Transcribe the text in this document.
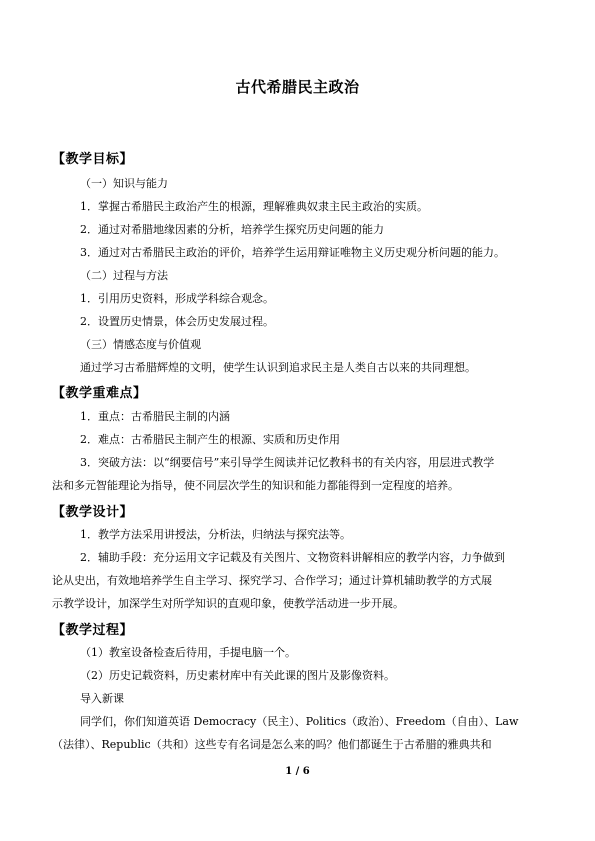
古代希腊民主政治
【教学目标】
（一）知识与能力
1．掌握古希腊民主政治产生的根源，理解雅典奴隶主民主政治的实质。
2．通过对希腊地缘因素的分析，培养学生探究历史问题的能力
3．通过对古希腊民主政治的评价，培养学生运用辩证唯物主义历史观分析问题的能力。
（二）过程与方法
1．引用历史资料，形成学科综合观念。
2．设置历史情景，体会历史发展过程。
（三）情感态度与价值观
通过学习古希腊辉煌的文明，使学生认识到追求民主是人类自古以来的共同理想。
【教学重难点】
1．重点：古希腊民主制的内涵
2．难点：古希腊民主制产生的根源、实质和历史作用
3．突破方法：以“纲要信号”来引导学生阅读并记忆教科书的有关内容，用层进式教学
法和多元智能理论为指导，使不同层次学生的知识和能力都能得到一定程度的培养。
【教学设计】
1．教学方法采用讲授法，分析法，归纳法与探究法等。
2．辅助手段：充分运用文字记载及有关图片、文物资料讲解相应的教学内容，力争做到
论从史出，有效地培养学生自主学习、探究学习、合作学习；通过计算机辅助教学的方式展
示教学设计，加深学生对所学知识的直观印象，使教学活动进一步开展。
【教学过程】
（1）教室设备检查后待用，手提电脑一个。
（2）历史记载资料，历史素材库中有关此课的图片及影像资料。
导入新课
同学们，你们知道英语 Democracy（民主）、Politics（政治）、Freedom（自由）、Law
（法律）、Republic（共和）这些专有名词是怎么来的吗？他们都诞生于古希腊的雅典共和
1 / 6
